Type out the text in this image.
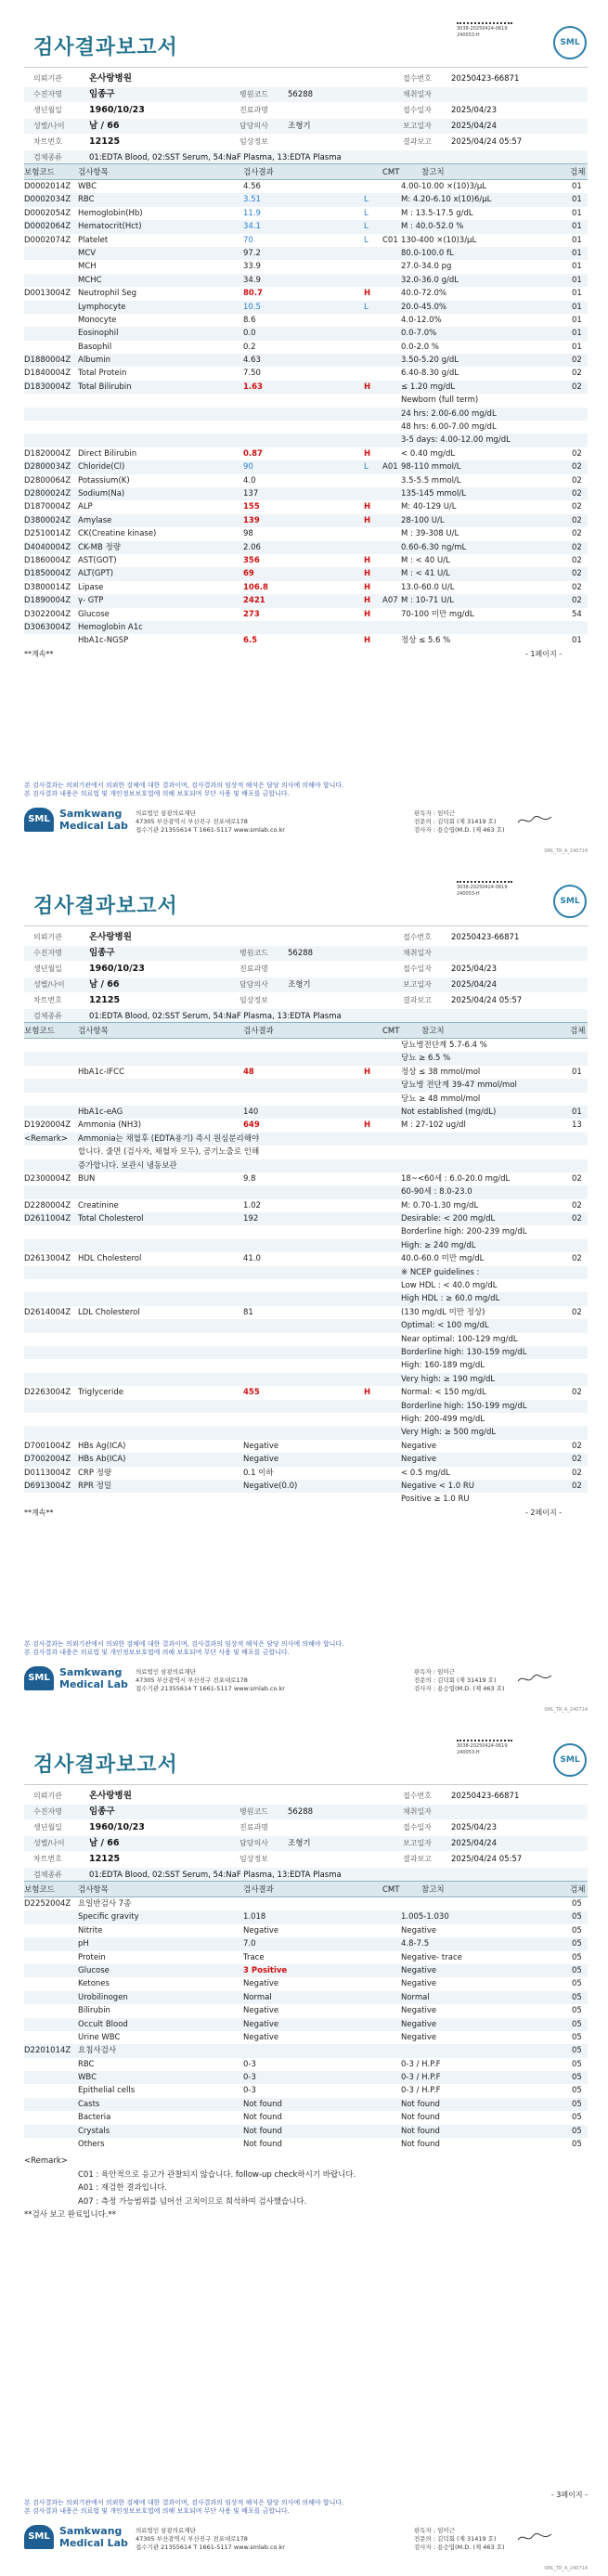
검사결과보고서
3038-20250424-0619
240053-H
SML
의뢰기관	온사랑병원	접수번호 20250423-66871
수진자명	임종구	병원코드 56288	채취일자
생년월일	1960/10/23	진료과명	접수일자 2025/04/23
성별/나이	남 / 66	담당의사 조형기	보고일자 2025/04/24
차트번호	12125	임상정보	결과보고 2025/04/24 05:57
검체종류	01:EDTA Blood, 02:SST Serum, 54:NaF Plasma, 13:EDTA Plasma
보험코드	검사항목	검사결과	CMT	참고치	검체
D0002014Z WBC	4.56	4.00-10.00 ×(10)3/μL	01
D0002034Z RBC	3.51	L	M: 4.20-6.10 x(10)6/μL	01
D0002054Z Hemoglobin(Hb)	11.9	L	M : 13.5-17.5 g/dL	01
D0002064Z Hematocrit(Hct)	34.1	L	M : 40.0-52.0 %	01
D0002074Z Platelet	70	L C01 130-400 ×(10)3/μL	01
MCV	97.2	80.0-100.0 fL	01
MCH	33.9	27.0-34.0 pg	01
MCHC	34.9	32.0-36.0 g/dL	01
D0013004Z Neutrophil Seg	80.7	H	40.0-72.0%	01
Lymphocyte	10.5	L	20.0-45.0%	01
Monocyte	8.6	4.0-12.0%	01
Eosinophil	0.0	0.0-7.0%	01
Basophil	0.2	0.0-2.0 %	01
D1880004Z Albumin	4.63	3.50-5.20 g/dL	02
D1840004Z Total Protein	7.50	6.40-8.30 g/dL	02
D1830004Z Total Bilirubin	1.63	H	≤ 1.20 mg/dL	02
Newborn (full term)
24 hrs: 2.00-6.00 mg/dL
48 hrs: 6.00-7.00 mg/dL
3-5 days: 4.00-12.00 mg/dL
D1820004Z Direct Bilirubin	0.87	H	< 0.40 mg/dL	02
D2800034Z Chloride(Cl)	90	L A01 98-110 mmol/L	02
D2800064Z Potassium(K)	4.0	3.5-5.5 mmol/L	02
D2800024Z Sodium(Na)	137	135-145 mmol/L	02
D1870004Z ALP	155	H	M: 40-129 U/L	02
D3800024Z Amylase	139	H	28-100 U/L	02
D2510014Z CK(Creatine kinase)	98	M : 39-308 U/L	02
D4040004Z CK-MB 정량	2.06	0.60-6.30 ng/mL	02
D1860004Z AST(GOT)	356	H	M : < 40 U/L	02
D1850004Z ALT(GPT)	69	H	M : < 41 U/L	02
D3800014Z Lipase	106.8	H	13.0-60.0 U/L	02
D1890004Z γ- GTP	2421	H A07 M : 10-71 U/L	02
D3022004Z Glucose	273	H	70-100 미만 mg/dL	54
D3063004Z Hemoglobin A1c
HbA1c-NGSP	6.5	H	정상 ≤ 5.6 %	01
**계속**	- 1페이지 -
검사결과보고서
3038-20250424-0619
240053-H
SML
의뢰기관	온사랑병원	접수번호 20250423-66871
수진자명	임종구	병원코드 56288	채취일자
생년월일	1960/10/23	진료과명	접수일자 2025/04/23
성별/나이	남 / 66	담당의사 조형기	보고일자 2025/04/24
차트번호	12125	임상정보	결과보고 2025/04/24 05:57
검체종류	01:EDTA Blood, 02:SST Serum, 54:NaF Plasma, 13:EDTA Plasma
보험코드	검사항목	검사결과	CMT	참고치	검체
당뇨병전단계 5.7-6.4 %
당뇨 ≥ 6.5 %
HbA1c-IFCC	48	H	정상 ≤ 38 mmol/mol	01
당뇨병 전단계 39-47 mmol/mol
당뇨 ≥ 48 mmol/mol
HbA1c-eAG	140	Not established (mg/dL)	01
D1920004Z Ammonia (NH3)	649	H	M : 27-102 ug/dl	13
<Remark> Ammonia는 채혈후 (EDTA용기) 즉시 원심분리해야
합니다. 줄면 (검사자, 채혈자 모두), 공기노출로 인해
증가합니다. 보관시 냉동보관
D2300004Z BUN	9.8	18~<60세 : 6.0-20.0 mg/dL	02
60-90세 : 8.0-23.0
D2280004Z Creatinine	1.02	M: 0.70-1.30 mg/dL	02
D2611004Z Total Cholesterol	192	Desirable: < 200 mg/dL	02
Borderline high: 200-239 mg/dL
High: ≥ 240 mg/dL
D2613004Z HDL Cholesterol	41.0	40.0-60.0 미만 mg/dL	02
※ NCEP guidelines :
Low HDL : < 40.0 mg/dL
High HDL : ≥ 60.0 mg/dL
D2614004Z LDL Cholesterol	81	(130 mg/dL 미만 정상)	02
Optimal: < 100 mg/dL
Near optimal: 100-129 mg/dL
Borderline high: 130-159 mg/dL
High: 160-189 mg/dL
Very high: ≥ 190 mg/dL
D2263004Z Triglyceride	455	H	Normal: < 150 mg/dL	02
Borderline high: 150-199 mg/dL
High: 200-499 mg/dL
Very High: ≥ 500 mg/dL
D7001004Z HBs Ag(ICA)	Negative	Negative	02
D7002004Z HBs Ab(ICA)	Negative	Negative	02
D0113004Z CRP 정량	0.1 이하	< 0.5 mg/dL	02
D6913004Z RPR 정밀	Negative(0.0)	Negative < 1.0 RU	02
Positive ≥ 1.0 RU
**계속**	- 2페이지 -
검사결과보고서
3038-20250424-0619
240053-H
SML
의뢰기관	온사랑병원	접수번호 20250423-66871
수진자명	임종구	병원코드 56288	채취일자
생년월일	1960/10/23	진료과명	접수일자 2025/04/23
성별/나이	남 / 66	담당의사 조형기	보고일자 2025/04/24
차트번호	12125	임상정보	결과보고 2025/04/24 05:57
검체종류	01:EDTA Blood, 02:SST Serum, 54:NaF Plasma, 13:EDTA Plasma
보험코드	검사항목	검사결과	CMT	참고치	검체
D2252004Z 요일반검사 7종	05
Specific gravity	1.018	1.005-1.030	05
Nitrite	Negative	Negative	05
pH	7.0	4.8-7.5	05
Protein	Trace	Negative- trace	05
Glucose	3 Positive	Negative	05
Ketones	Negative	Negative	05
Urobilinogen	Normal	Normal	05
Bilirubin	Negative	Negative	05
Occult Blood	Negative	Negative	05
Urine WBC	Negative	Negative	05
D2201014Z 요침사검사	05
RBC	0-3	0-3 / H.P.F	05
WBC	0-3	0-3 / H.P.F	05
Epithelial cells	0-3	0-3 / H.P.F	05
Casts	Not found	Not found	05
Bacteria	Not found	Not found	05
Crystals	Not found	Not found	05
Others	Not found	Not found	05
<Remark>
C01 : 육안적으로 응고가 관찰되지 않습니다. follow-up check하시기 바랍니다.
A01 : 재검한 결과입니다.
A07 : 측정 가능범위를 넘어선 고치이므로 희석하여 검사했습니다.
**검사 보고 완료입니다.**
- 3페이지 -
본 검사결과는 의뢰기관에서 의뢰한 검체에 대한 결과이며, 검사결과의 임상적 해석은 담당 의사에 의해야 합니다.
본 검사결과 내용은 의료법 및 개인정보보호법에 의해 보호되며 무단 사용 및 배포를 금합니다.
SML Samkwang
Medical Lab
의료법인 삼광의료재단
47305 부산광역시 부산진구 전포대로178
접수기관 21355614 T 1661-5117 www.smlab.co.kr
판독자 : 임미근
전문의 : 김덕회 (제 31419 호)
검사자 : 용승엽(M.D. (제 463 호)
SML_TR_A_240714
본 검사결과는 의뢰기관에서 의뢰한 검체에 대한 결과이며, 검사결과의 임상적 해석은 담당 의사에 의해야 합니다.
본 검사결과 내용은 의료법 및 개인정보보호법에 의해 보호되며 무단 사용 및 배포를 금합니다.
SML Samkwang
Medical Lab
의료법인 삼광의료재단
47305 부산광역시 부산진구 전포대로178
접수기관 21355614 T 1661-5117 www.smlab.co.kr
판독자 : 임미근
전문의 : 김덕회 (제 31419 호)
검사자 : 용승엽(M.D. (제 463 호)
SML_TR_A_240714
본 검사결과는 의뢰기관에서 의뢰한 검체에 대한 결과이며, 검사결과의 임상적 해석은 담당 의사에 의해야 합니다.
본 검사결과 내용은 의료법 및 개인정보보호법에 의해 보호되며 무단 사용 및 배포를 금합니다.
SML Samkwang
Medical Lab
의료법인 삼광의료재단
47305 부산광역시 부산진구 전포대로178
접수기관 21355614 T 1661-5117 www.smlab.co.kr
판독자 : 임미근
전문의 : 김덕회 (제 31419 호)
검사자 : 용승엽(M.D. (제 463 호)
SML_TR_A_240714
